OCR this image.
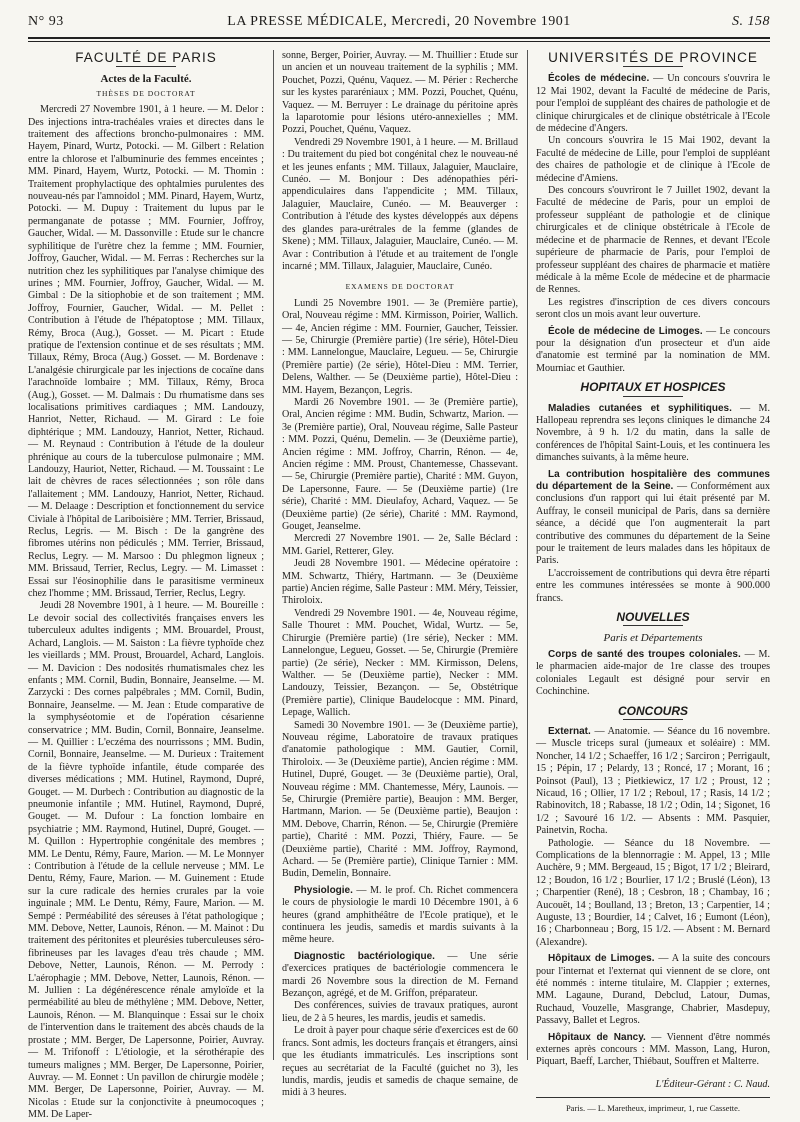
N° 93	LA PRESSE MÉDICALE, Mercredi, 20 Novembre 1901	S. 158
FACULTÉ DE PARIS
Actes de la Faculté.
THÈSES DE DOCTORAT

Mercredi 27 Novembre 1901, à 1 heure. — M. Delor : Des injections intra-trachéales vraies et directes dans le traitement des affections broncho-pulmonaires : MM. Hayem, Pinard, Wurtz, Potocki. — M. Gilbert : Relation entre la chlorose et l'albuminurie des femmes enceintes ; MM. Pinard, Hayem, Wurtz, Potocki. — M. Thomin : Traitement prophylactique des ophtalmies purulentes des nouveau-nés par l'amnoidol ; MM. Pinard, Hayem, Wurtz, Potocki. — M. Dupuy : Traitement du lupus par le permanganate de potasse ; MM. Fournier, Joffroy, Gaucher, Widal. — M. Dassonville : Etude sur le chancre syphilitique de l'urètre chez la femme ; MM. Fournier, Joffroy, Gaucher, Widal. — M. Ferras : Recherches sur la nutrition chez les syphilitiques par l'analyse chimique des urines ; MM. Fournier, Joffroy, Gaucher, Widal. — M. Gimbal : De la sitiophobie et de son traitement ; MM. Joffroy, Fournier, Gaucher, Widal. — M. Pellet : Contribution à l'étude de l'hépatoptose ; MM. Tillaux, Rémy, Broca (Aug.), Gosset. — M. Picart : Etude pratique de l'extension continue et de ses résultats ; MM. Tillaux, Rémy, Broca (Aug.) Gosset. — M. Bordenave : L'analgésie chirurgicale par les injections de cocaïne dans l'arachnoïde lombaire ; MM. Tillaux, Rémy, Broca (Aug.), Gosset. — M. Dalmais : Du rhumatisme dans ses localisations primitives cardiaques ; MM. Landouzy, Hanriot, Netter, Richaud. — M. Girard : Le foie diphtérique ; MM. Landouzy, Hanriot, Netter, Richaud. — M. Reynaud : Contribution à l'étude de la douleur phrénique au cours de la tuberculose pulmonaire ; MM. Landouzy, Hauriot, Netter, Richaud. — M. Toussaint : Le lait de chèvres de races sélectionnées ; son rôle dans l'allaitement ; MM. Landouzy, Hanriot, Netter, Richaud. — M. Delaage : Description et fonctionnement du service Civiale à l'hôpital de Lariboisière ; MM. Terrier, Brissaud, Reclus, Legris. — M. Bisch : De la gangrène des fibromes utérins non pédiculés ; MM. Terrier, Brissaud, Reclus, Legry. — M. Marsoo : Du phlegmon ligneux ; MM. Brissaud, Terrier, Reclus, Legry. — M. Limasset : Essai sur l'éosinophilie dans le parasitisme vermineux chez l'homme ; MM. Brissaud, Terrier, Reclus, Legry.

Jeudi 28 Novembre 1901, à 1 heure. — M. Boureille : Le devoir social des collectivités françaises envers les tuberculeux adultes indigents ; MM. Brouardel, Proust, Achard, Langlois. — M. Saiston : La fièvre typhoïde chez les vieillards ; MM. Proust, Brouardel, Achard, Langlois. — M. Davicion : Des nodosités rhumatismales chez les enfants ; MM. Cornil, Budin, Bonnaire, Jeanselme. — M. Zarzycki : Des cornes palpébrales ; MM. Cornil, Budin, Bonnaire, Jeanselme. — M. Jean : Etude comparative de la symphyséotomie et de l'opération césarienne conservatrice ; MM. Budin, Cornil, Bonnaire, Jeanselme. — M. Quillier : L'eczéma des nourrissons ; MM. Budin, Cornil, Bonnaire, Jeanselme. — M. Durieux : Traitement de la fièvre typhoïde infantile, étude comparée des diverses médications ; MM. Hutinel, Raymond, Dupré, Gouget. — M. Durbech : Contribution au diagnostic de la pneumonie infantile ; MM. Hutinel, Raymond, Dupré, Gouget. — M. Dufour : La fonction lombaire en psychiatrie ; MM. Raymond, Hutinel, Dupré, Gouget. — M. Quillon : Hypertrophie congénitale des membres ; MM. Le Dentu, Rémy, Faure, Marion. — M. Le Monnyer : Contribution à l'étude de la cellule nerveuse ; MM. Le Dentu, Rémy, Faure, Marion. — M. Guinement : Etude sur la cure radicale des hernies crurales par la voie inguinale ; MM. Le Dentu, Rémy, Faure, Marion. — M. Sempé : Perméabilité des séreuses à l'état pathologique ; MM. Debove, Netter, Launois, Rénon. — M. Mainot : Du traitement des péritonites et pleurésies tuberculeuses séro-fibrineuses par les lavages d'eau très chaude ; MM. Debove, Netter, Launois, Rénon. — M. Perrody : L'aérophagie ; MM. Debove, Netter, Launois, Rénon. — M. Jullien : La dégénérescence rénale amyloïde et la perméabilité au bleu de méthylène ; MM. Debove, Netter, Launois, Rénon. — M. Blanquinque : Essai sur le choix de l'intervention dans le traitement des abcès chauds de la prostate ; MM. Berger, De Lapersonne, Poirier, Auvray. — M. Trifonoff : L'étiologie, et la sérothérapie des tumeurs malignes ; MM. Berger, De Lapersonne, Poirier, Auvray. — M. Eonnet : Un pavillon de chirurgie modèle ; MM. Berger, De Lapersonne, Poirier, Auvray. — M. Nicolas : Etude sur la conjonctivite à pneumocoques ; MM. De Laper-

sonne, Berger, Poirier, Auvray. — M. Thuillier : Etude sur un ancien et un nouveau traitement de la syphilis ; MM. Pouchet, Pozzi, Quénu, Vaquez. — M. Périer : Recherche sur les kystes pararéniaux ; MM. Pozzi, Pouchet, Quénu, Vaquez. — M. Berruyer : Le drainage du péritoine après la laparotomie pour lésions utéro-annexielles ; MM. Pozzi, Pouchet, Quénu, Vaquez.

Vendredi 29 Novembre 1901, à 1 heure. — M. Brillaud : Du traitement du pied bot congénital chez le nouveau-né et les jeunes enfants ; MM. Tillaux, Jalaguier, Mauclaire, Cunéo. — M. Bonjour : Des adénopathies péri-appendiculaires dans l'appendicite ; MM. Tillaux, Jalaguier, Mauclaire, Cunéo. — M. Beauverger : Contribution à l'étude des kystes développés aux dépens des glandes para-urétrales de la femme (glandes de Skene) ; MM. Tillaux, Jalaguier, Mauclaire, Cunéo. — M. Avar : Contribution à l'étude et au traitement de l'ongle incarné ; MM. Tillaux, Jalaguier, Mauclaire, Cunéo.

EXAMENS DE DOCTORAT

Lundi 25 Novembre 1901. — 3e (Première partie), Oral, Nouveau régime : MM. Kirmisson, Poirier, Wallich. — 4e, Ancien régime : MM. Fournier, Gaucher, Teissier. — 5e, Chirurgie (Première partie) (1re série), Hôtel-Dieu : MM. Lannelongue, Mauclaire, Legueu. — 5e, Chirurgie (Première partie) (2e série), Hôtel-Dieu : MM. Terrier, Delens, Walther. — 5e (Deuxième partie), Hôtel-Dieu : MM. Hayem, Bezançon, Legris.

Mardi 26 Novembre 1901. — 3e (Première partie), Oral, Ancien régime : MM. Budin, Schwartz, Marion. — 3e (Première partie), Oral, Nouveau régime, Salle Pasteur : MM. Pozzi, Quénu, Demelin. — 3e (Deuxième partie), Ancien régime : MM. Joffroy, Charrin, Rénon. — 4e, Ancien régime : MM. Proust, Chantemesse, Chassevant. — 5e, Chirurgie (Première partie), Charité : MM. Guyon, De Lapersonne, Faure. — 5e (Deuxième partie) (1re série), Charité : MM. Dieulafoy, Achard, Vaquez. — 5e (Deuxième partie) (2e série), Charité : MM. Raymond, Gouget, Jeanselme.

Mercredi 27 Novembre 1901. — 2e, Salle Béclard : MM. Gariel, Retterer, Gley.

Jeudi 28 Novembre 1901. — Médecine opératoire : MM. Schwartz, Thiéry, Hartmann. — 3e (Deuxième partie) Ancien régime, Salle Pasteur : MM. Méry, Teissier, Thiroloix.

Vendredi 29 Novembre 1901. — 4e, Nouveau régime, Salle Thouret : MM. Pouchet, Widal, Wurtz. — 5e, Chirurgie (Première partie) (1re série), Necker : MM. Lannelongue, Legueu, Gosset. — 5e, Chirurgie (Première partie) (2e série), Necker : MM. Kirmisson, Delens, Walther. — 5e (Deuxième partie), Necker : MM. Landouzy, Teissier, Bezançon. — 5e, Obstétrique (Première partie), Clinique Baudelocque : MM. Pinard, Lepage, Wallich.

Samedi 30 Novembre 1901. — 3e (Deuxième partie), Nouveau régime, Laboratoire de travaux pratiques d'anatomie pathologique : MM. Gautier, Cornil, Thiroloix. — 3e (Deuxième partie), Ancien régime : MM. Hutinel, Dupré, Gouget. — 3e (Deuxième partie), Oral, Nouveau régime : MM. Chantemesse, Méry, Launois. — 5e, Chirurgie (Première partie), Beaujon : MM. Berger, Hartmann, Marion. — 5e (Deuxième partie), Beaujon : MM. Debove, Charrin, Rénon. — 5e, Chirurgie (Première partie), Charité : MM. Pozzi, Thiéry, Faure. — 5e (Deuxième partie), Charité : MM. Joffroy, Raymond, Achard. — 5e (Première partie), Clinique Tarnier : MM. Budin, Demelin, Bonnaire.

Physiologie. — M. le prof. Ch. Richet commencera le cours de physiologie le mardi 10 Décembre 1901, à 6 heures (grand amphithéâtre de l'Ecole pratique), et le continuera les jeudis, samedis et mardis suivants à la même heure.

Diagnostic bactériologique. — Une série d'exercices pratiques de bactériologie commencera le mardi 26 Novembre sous la direction de M. Fernand Bezançon, agrégé, et de M. Griffon, préparateur.

Des conférences, suivies de travaux pratiques, auront lieu, de 2 à 5 heures, les mardis, jeudis et samedis.

Le droit à payer pour chaque série d'exercices est de 60 francs. Sont admis, les docteurs français et étrangers, ainsi que les étudiants immatriculés. Les inscriptions sont reçues au secrétariat de la Faculté (guichet no 3), les lundis, mardis, jeudis et samedis de chaque semaine, de midi à 3 heures.

UNIVERSITÉS DE PROVINCE

Écoles de médecine. — Un concours s'ouvrira le 12 Mai 1902, devant la Faculté de médecine de Paris, pour l'emploi de suppléant des chaires de pathologie et de clinique chirurgicales et de clinique obstétricale à l'Ecole de médecine d'Angers.

Un concours s'ouvrira le 15 Mai 1902, devant la Faculté de médecine de Lille, pour l'emploi de suppléant des chaires de pathologie et de clinique à l'Ecole de médecine d'Amiens.

Des concours s'ouvriront le 7 Juillet 1902, devant la Faculté de médecine de Paris, pour un emploi de professeur suppléant de pathologie et de clinique chirurgicales et de clinique obstétricale à l'Ecole de médecine et de pharmacie de Rennes, et devant l'Ecole supérieure de pharmacie de Paris, pour l'emploi de professeur suppléant des chaires de pharmacie et matière médicale à la même Ecole de médecine et de pharmacie de Rennes.

Les registres d'inscription de ces divers concours seront clos un mois avant leur ouverture.

École de médecine de Limoges. — Le concours pour la désignation d'un prosecteur et d'un aide d'anatomie est terminé par la nomination de MM. Mourniac et Gauthier.

HOPITAUX ET HOSPICES

Maladies cutanées et syphilitiques. — M. Hallopeau reprendra ses leçons cliniques le dimanche 24 Novembre, à 9 h. 1/2 du matin, dans la salle de conférences de l'hôpital Saint-Louis, et les continuera les dimanches suivants, à la même heure.

La contribution hospitalière des communes du département de la Seine. — Conformément aux conclusions d'un rapport qui lui était présenté par M. Auffray, le conseil municipal de Paris, dans sa dernière séance, a décidé que l'on augmenterait la part contributive des communes du département de la Seine pour le traitement de leurs malades dans les hôpitaux de Paris.

L'accroissement de contributions qui devra être réparti entre les communes intéressées se monte à 900.000 francs.

NOUVELLES
Paris et Départements

Corps de santé des troupes coloniales. — M. le pharmacien aide-major de 1re classe des troupes coloniales Legault est désigné pour servir en Cochinchine.

CONCOURS

Externat. — Anatomie. — Séance du 16 novembre. — Muscle triceps sural (jumeaux et soléaire) : MM. Noncher, 14 1/2 ; Schaeffer, 16 1/2 ; Sarciron ; Perrigault, 15 ; Pépin, 17 ; Pelardy, 13 ; Roncé, 17 ; Morant, 16 ; Poinsot (Paul), 13 ; Pietkiewicz, 17 1/2 ; Proust, 12 ; Nicaud, 16 ; Ollier, 17 1/2 ; Reboul, 17 ; Rasis, 14 1/2 ; Rabinovitch, 18 ; Rabasse, 18 1/2 ; Odin, 14 ; Sigonet, 16 1/2 ; Savouré 16 1/2. — Absents : MM. Pasquier, Painetvin, Rocha.

Pathologie. — Séance du 18 Novembre. — Complications de la blennorragie : M. Appel, 13 ; Mlle Auchère, 9 ; MM. Bergeaud, 15 ; Bigot, 17 1/2 ; Bleirard, 12 ; Boudon, 16 1/2 ; Bourlier, 17 1/2 ; Bruslé (Léon), 13 ; Charpentier (René), 18 ; Cesbron, 18 ; Chambay, 16 ; Aucouët, 14 ; Boulland, 13 ; Breton, 13 ; Carpentier, 14 ; Auguste, 13 ; Bourdier, 14 ; Calvet, 16 ; Eumont (Léon), 16 ; Charbonneau ; Borg, 15 1/2. — Absent : M. Bernard (Alexandre).

Hôpitaux de Limoges. — A la suite des concours pour l'internat et l'externat qui viennent de se clore, ont été nommés : interne titulaire, M. Clappier ; externes, MM. Lagaune, Durand, Debclud, Latour, Dumas, Ruchaud, Vouzelle, Masgrange, Chabrier, Masdepuy, Passavy, Ballet et Legros.

Hôpitaux de Nancy. — Viennent d'être nommés externes après concours : MM. Masson, Lang, Huron, Piquart, Baeff, Larcher, Thiébaut, Souffren et Malterre.

L'Éditeur-Gérant : C. Naud.
Paris. — L. Maretheux, imprimeur, 1, rue Cassette.
